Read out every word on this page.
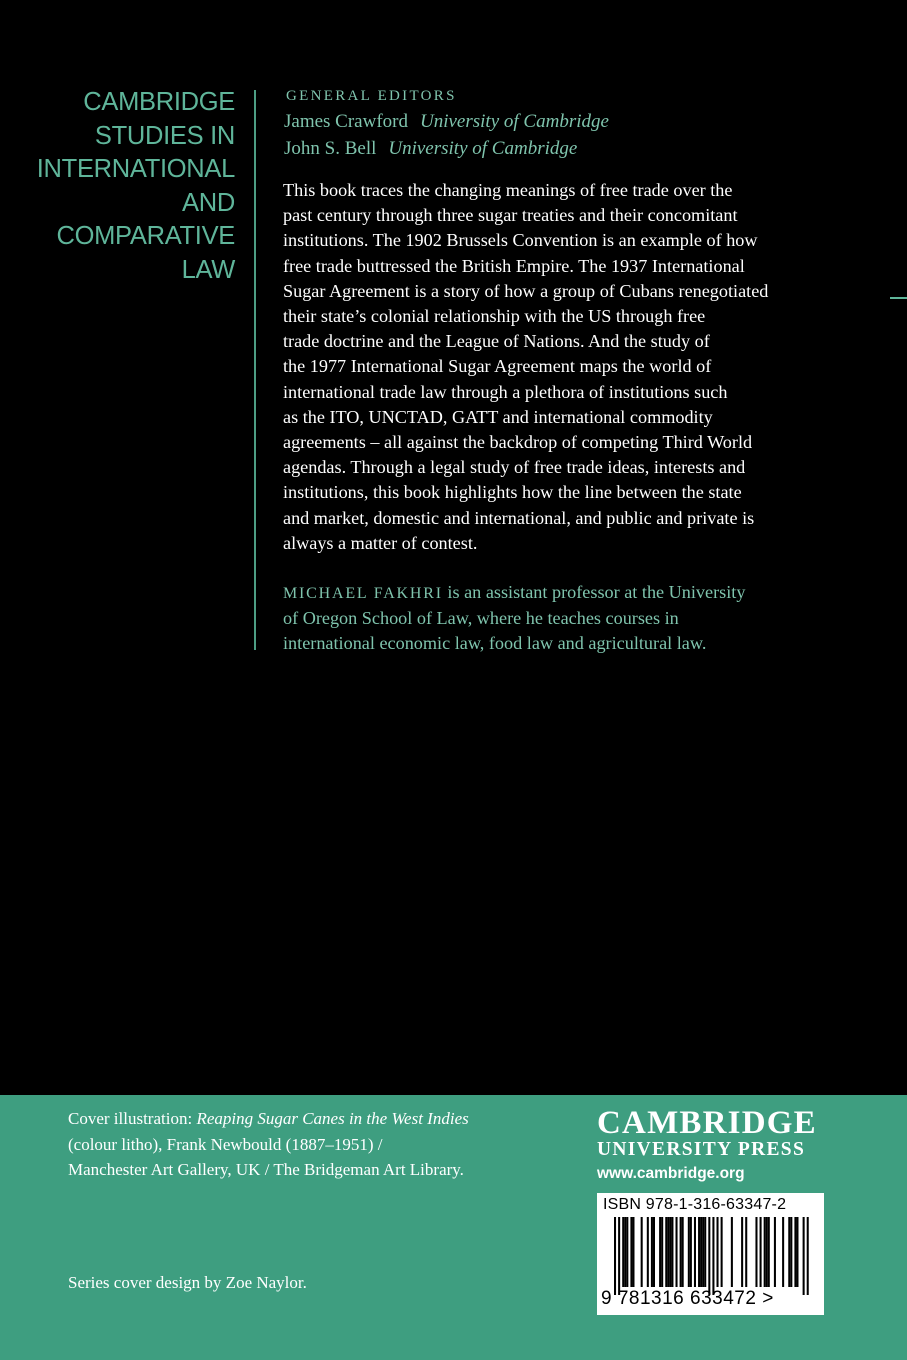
CAMBRIDGE
STUDIES IN
INTERNATIONAL
AND
COMPARATIVE
LAW
GENERAL EDITORS
James Crawford University of Cambridge
John S. Bell University of Cambridge
This book traces the changing meanings of free trade over the
past century through three sugar treaties and their concomitant
institutions. The 1902 Brussels Convention is an example of how
free trade buttressed the British Empire. The 1937 International
Sugar Agreement is a story of how a group of Cubans renegotiated
their state’s colonial relationship with the US through free
trade doctrine and the League of Nations. And the study of
the 1977 International Sugar Agreement maps the world of
international trade law through a plethora of institutions such
as the ITO, UNCTAD, GATT and international commodity
agreements – all against the backdrop of competing Third World
agendas. Through a legal study of free trade ideas, interests and
institutions, this book highlights how the line between the state
and market, domestic and international, and public and private is
always a matter of contest.
MICHAEL FAKHRI is an assistant professor at the University
of Oregon School of Law, where he teaches courses in
international economic law, food law and agricultural law.
Cover illustration: Reaping Sugar Canes in the West Indies
(colour litho), Frank Newbould (1887–1951) /
Manchester Art Gallery, UK / The Bridgeman Art Library.
Series cover design by Zoe Naylor.
CAMBRIDGE
UNIVERSITY PRESS
www.cambridge.org
ISBN 978-1-316-63347-2
9 781316 633472 >
